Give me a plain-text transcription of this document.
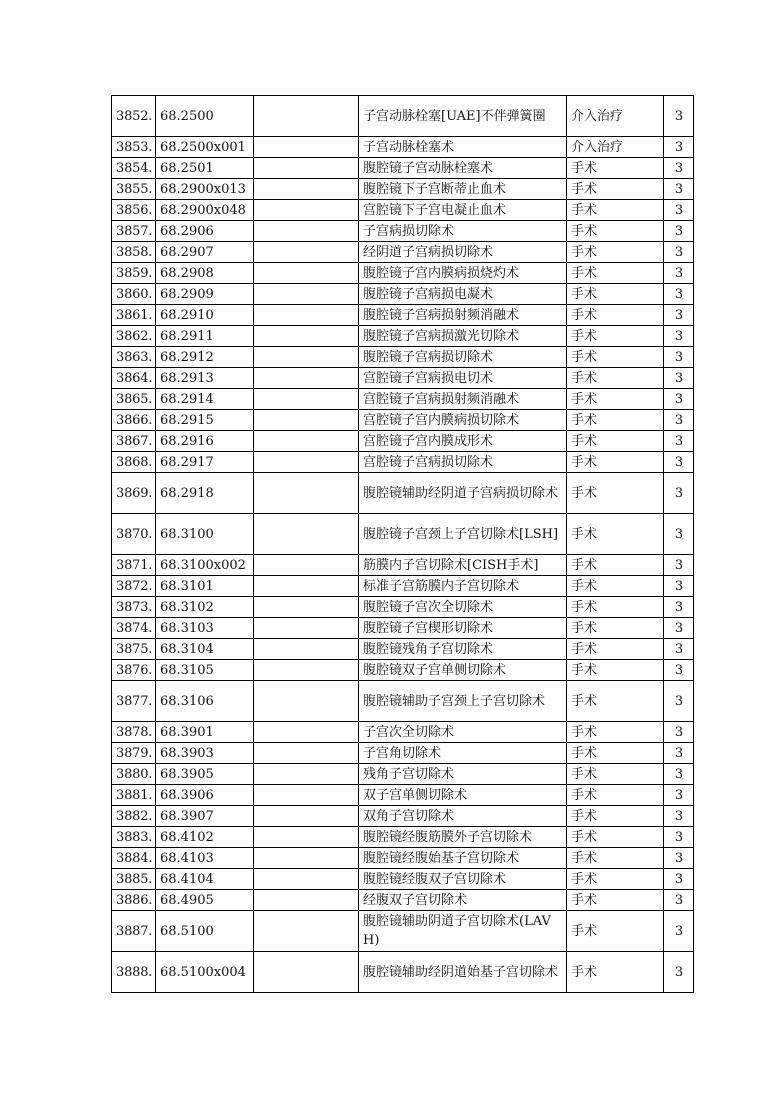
3852.	68.2500		子宫动脉栓塞[UAE]不伴弹簧圈	介入治疗	3
3853.	68.2500x001		子宫动脉栓塞术	介入治疗	3
3854.	68.2501		腹腔镜子宫动脉栓塞术	手术	3
3855.	68.2900x013		腹腔镜下子宫断蒂止血术	手术	3
3856.	68.2900x048		宫腔镜下子宫电凝止血术	手术	3
3857.	68.2906		子宫病损切除术	手术	3
3858.	68.2907		经阴道子宫病损切除术	手术	3
3859.	68.2908		腹腔镜子宫内膜病损烧灼术	手术	3
3860.	68.2909		腹腔镜子宫病损电凝术	手术	3
3861.	68.2910		腹腔镜子宫病损射频消融术	手术	3
3862.	68.2911		腹腔镜子宫病损激光切除术	手术	3
3863.	68.2912		腹腔镜子宫病损切除术	手术	3
3864.	68.2913		宫腔镜子宫病损电切术	手术	3
3865.	68.2914		宫腔镜子宫病损射频消融术	手术	3
3866.	68.2915		宫腔镜子宫内膜病损切除术	手术	3
3867.	68.2916		宫腔镜子宫内膜成形术	手术	3
3868.	68.2917		宫腔镜子宫病损切除术	手术	3
3869.	68.2918		腹腔镜辅助经阴道子宫病损切除术	手术	3
3870.	68.3100		腹腔镜子宫颈上子宫切除术[LSH]	手术	3
3871.	68.3100x002		筋膜内子宫切除术[CISH手术]	手术	3
3872.	68.3101		标准子宫筋膜内子宫切除术	手术	3
3873.	68.3102		腹腔镜子宫次全切除术	手术	3
3874.	68.3103		腹腔镜子宫楔形切除术	手术	3
3875.	68.3104		腹腔镜残角子宫切除术	手术	3
3876.	68.3105		腹腔镜双子宫单侧切除术	手术	3
3877.	68.3106		腹腔镜辅助子宫颈上子宫切除术	手术	3
3878.	68.3901		子宫次全切除术	手术	3
3879.	68.3903		子宫角切除术	手术	3
3880.	68.3905		残角子宫切除术	手术	3
3881.	68.3906		双子宫单侧切除术	手术	3
3882.	68.3907		双角子宫切除术	手术	3
3883.	68.4102		腹腔镜经腹筋膜外子宫切除术	手术	3
3884.	68.4103		腹腔镜经腹始基子宫切除术	手术	3
3885.	68.4104		腹腔镜经腹双子宫切除术	手术	3
3886.	68.4905		经腹双子宫切除术	手术	3
3887.	68.5100		腹腔镜辅助阴道子宫切除术(LAVH)	手术	3
3888.	68.5100x004		腹腔镜辅助经阴道始基子宫切除术	手术	3
